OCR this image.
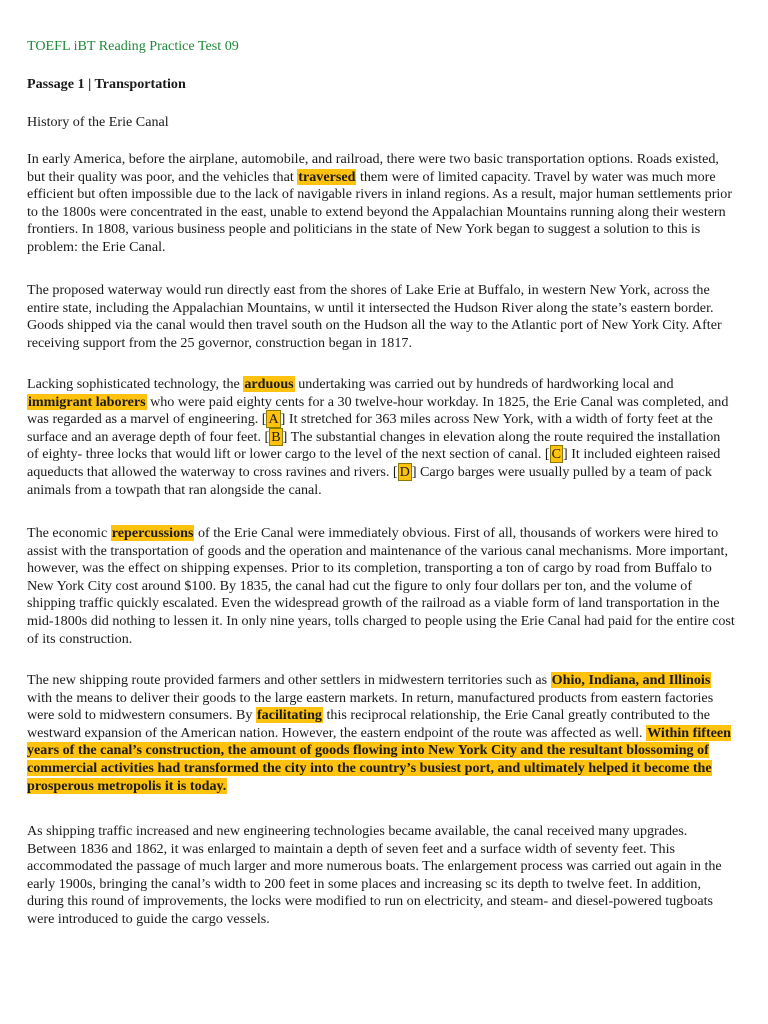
TOEFL iBT Reading Practice Test 09

Passage 1 | Transportation

History of the Erie Canal

In early America, before the airplane, automobile, and railroad, there were two basic transportation options. Roads existed, but their quality was poor, and the vehicles that traversed them were of limited capacity. Travel by water was much more efficient but often impossible due to the lack of navigable rivers in inland regions. As a result, major human settlements prior to the 1800s were concentrated in the east, unable to extend beyond the Appalachian Mountains running along their western frontiers. In 1808, various business people and politicians in the state of New York began to suggest a solution to this is problem: the Erie Canal.

The proposed waterway would run directly east from the shores of Lake Erie at Buffalo, in western New York, across the entire state, including the Appalachian Mountains, w until it intersected the Hudson River along the state’s eastern border. Goods shipped via the canal would then travel south on the Hudson all the way to the Atlantic port of New York City. After receiving support from the 25 governor, construction began in 1817.

Lacking sophisticated technology, the arduous undertaking was carried out by hundreds of hardworking local and immigrant laborers who were paid eighty cents for a 30 twelve-hour workday. In 1825, the Erie Canal was completed, and was regarded as a marvel of engineering. [ A ] It stretched for 363 miles across New York, with a width of forty feet at the surface and an average depth of four feet. [ B ] The substantial changes in elevation along the route required the installation of eighty- three locks that would lift or lower cargo to the level of the next section of canal. [ C ] It included eighteen raised aqueducts that allowed the waterway to cross ravines and rivers. [ D ] Cargo barges were usually pulled by a team of pack animals from a towpath that ran alongside the canal.

The economic repercussions of the Erie Canal were immediately obvious. First of all, thousands of workers were hired to assist with the transportation of goods and the operation and maintenance of the various canal mechanisms. More important, however, was the effect on shipping expenses. Prior to its completion, transporting a ton of cargo by road from Buffalo to New York City cost around $100. By 1835, the canal had cut the figure to only four dollars per ton, and the volume of shipping traffic quickly escalated. Even the widespread growth of the railroad as a viable form of land transportation in the mid-1800s did nothing to lessen it. In only nine years, tolls charged to people using the Erie Canal had paid for the entire cost of its construction.

The new shipping route provided farmers and other settlers in midwestern territories such as Ohio, Indiana, and Illinois with the means to deliver their goods to the large eastern markets. In return, manufactured products from eastern factories were sold to midwestern consumers. By facilitating this reciprocal relationship, the Erie Canal greatly contributed to the westward expansion of the American nation. However, the eastern endpoint of the route was affected as well. Within fifteen years of the canal’s construction, the amount of goods flowing into New York City and the resultant blossoming of commercial activities had transformed the city into the country’s busiest port, and ultimately helped it become the prosperous metropolis it is today.

As shipping traffic increased and new engineering technologies became available, the canal received many upgrades. Between 1836 and 1862, it was enlarged to maintain a depth of seven feet and a surface width of seventy feet. This accommodated the passage of much larger and more numerous boats. The enlargement process was carried out again in the early 1900s, bringing the canal’s width to 200 feet in some places and increasing sc its depth to twelve feet. In addition, during this round of improvements, the locks were modified to run on electricity, and steam- and diesel-powered tugboats were introduced to guide the cargo vessels.
